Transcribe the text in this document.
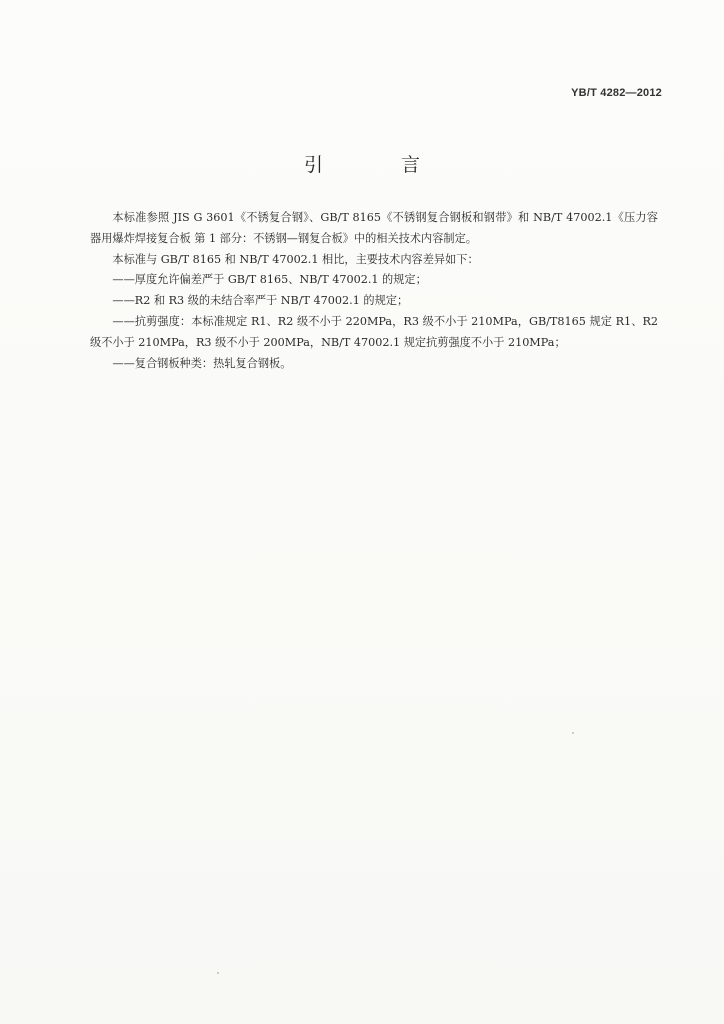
YB/T 4282—2012
引 言

本标准参照 JIS G 3601《不锈复合钢》、GB/T 8165《不锈钢复合钢板和钢带》和 NB/T 47002.1《压力容器用爆炸焊接复合板 第 1 部分：不锈钢—钢复合板》中的相关技术内容制定。

本标准与 GB/T 8165 和 NB/T 47002.1 相比，主要技术内容差异如下：

——厚度允许偏差严于 GB/T 8165、NB/T 47002.1 的规定；

——R2 和 R3 级的未结合率严于 NB/T 47002.1 的规定；

——抗剪强度：本标准规定 R1、R2 级不小于 220MPa，R3 级不小于 210MPa，GB/T8165 规定 R1、R2 级不小于 210MPa，R3 级不小于 200MPa，NB/T 47002.1 规定抗剪强度不小于 210MPa；

——复合钢板种类：热轧复合钢板。
